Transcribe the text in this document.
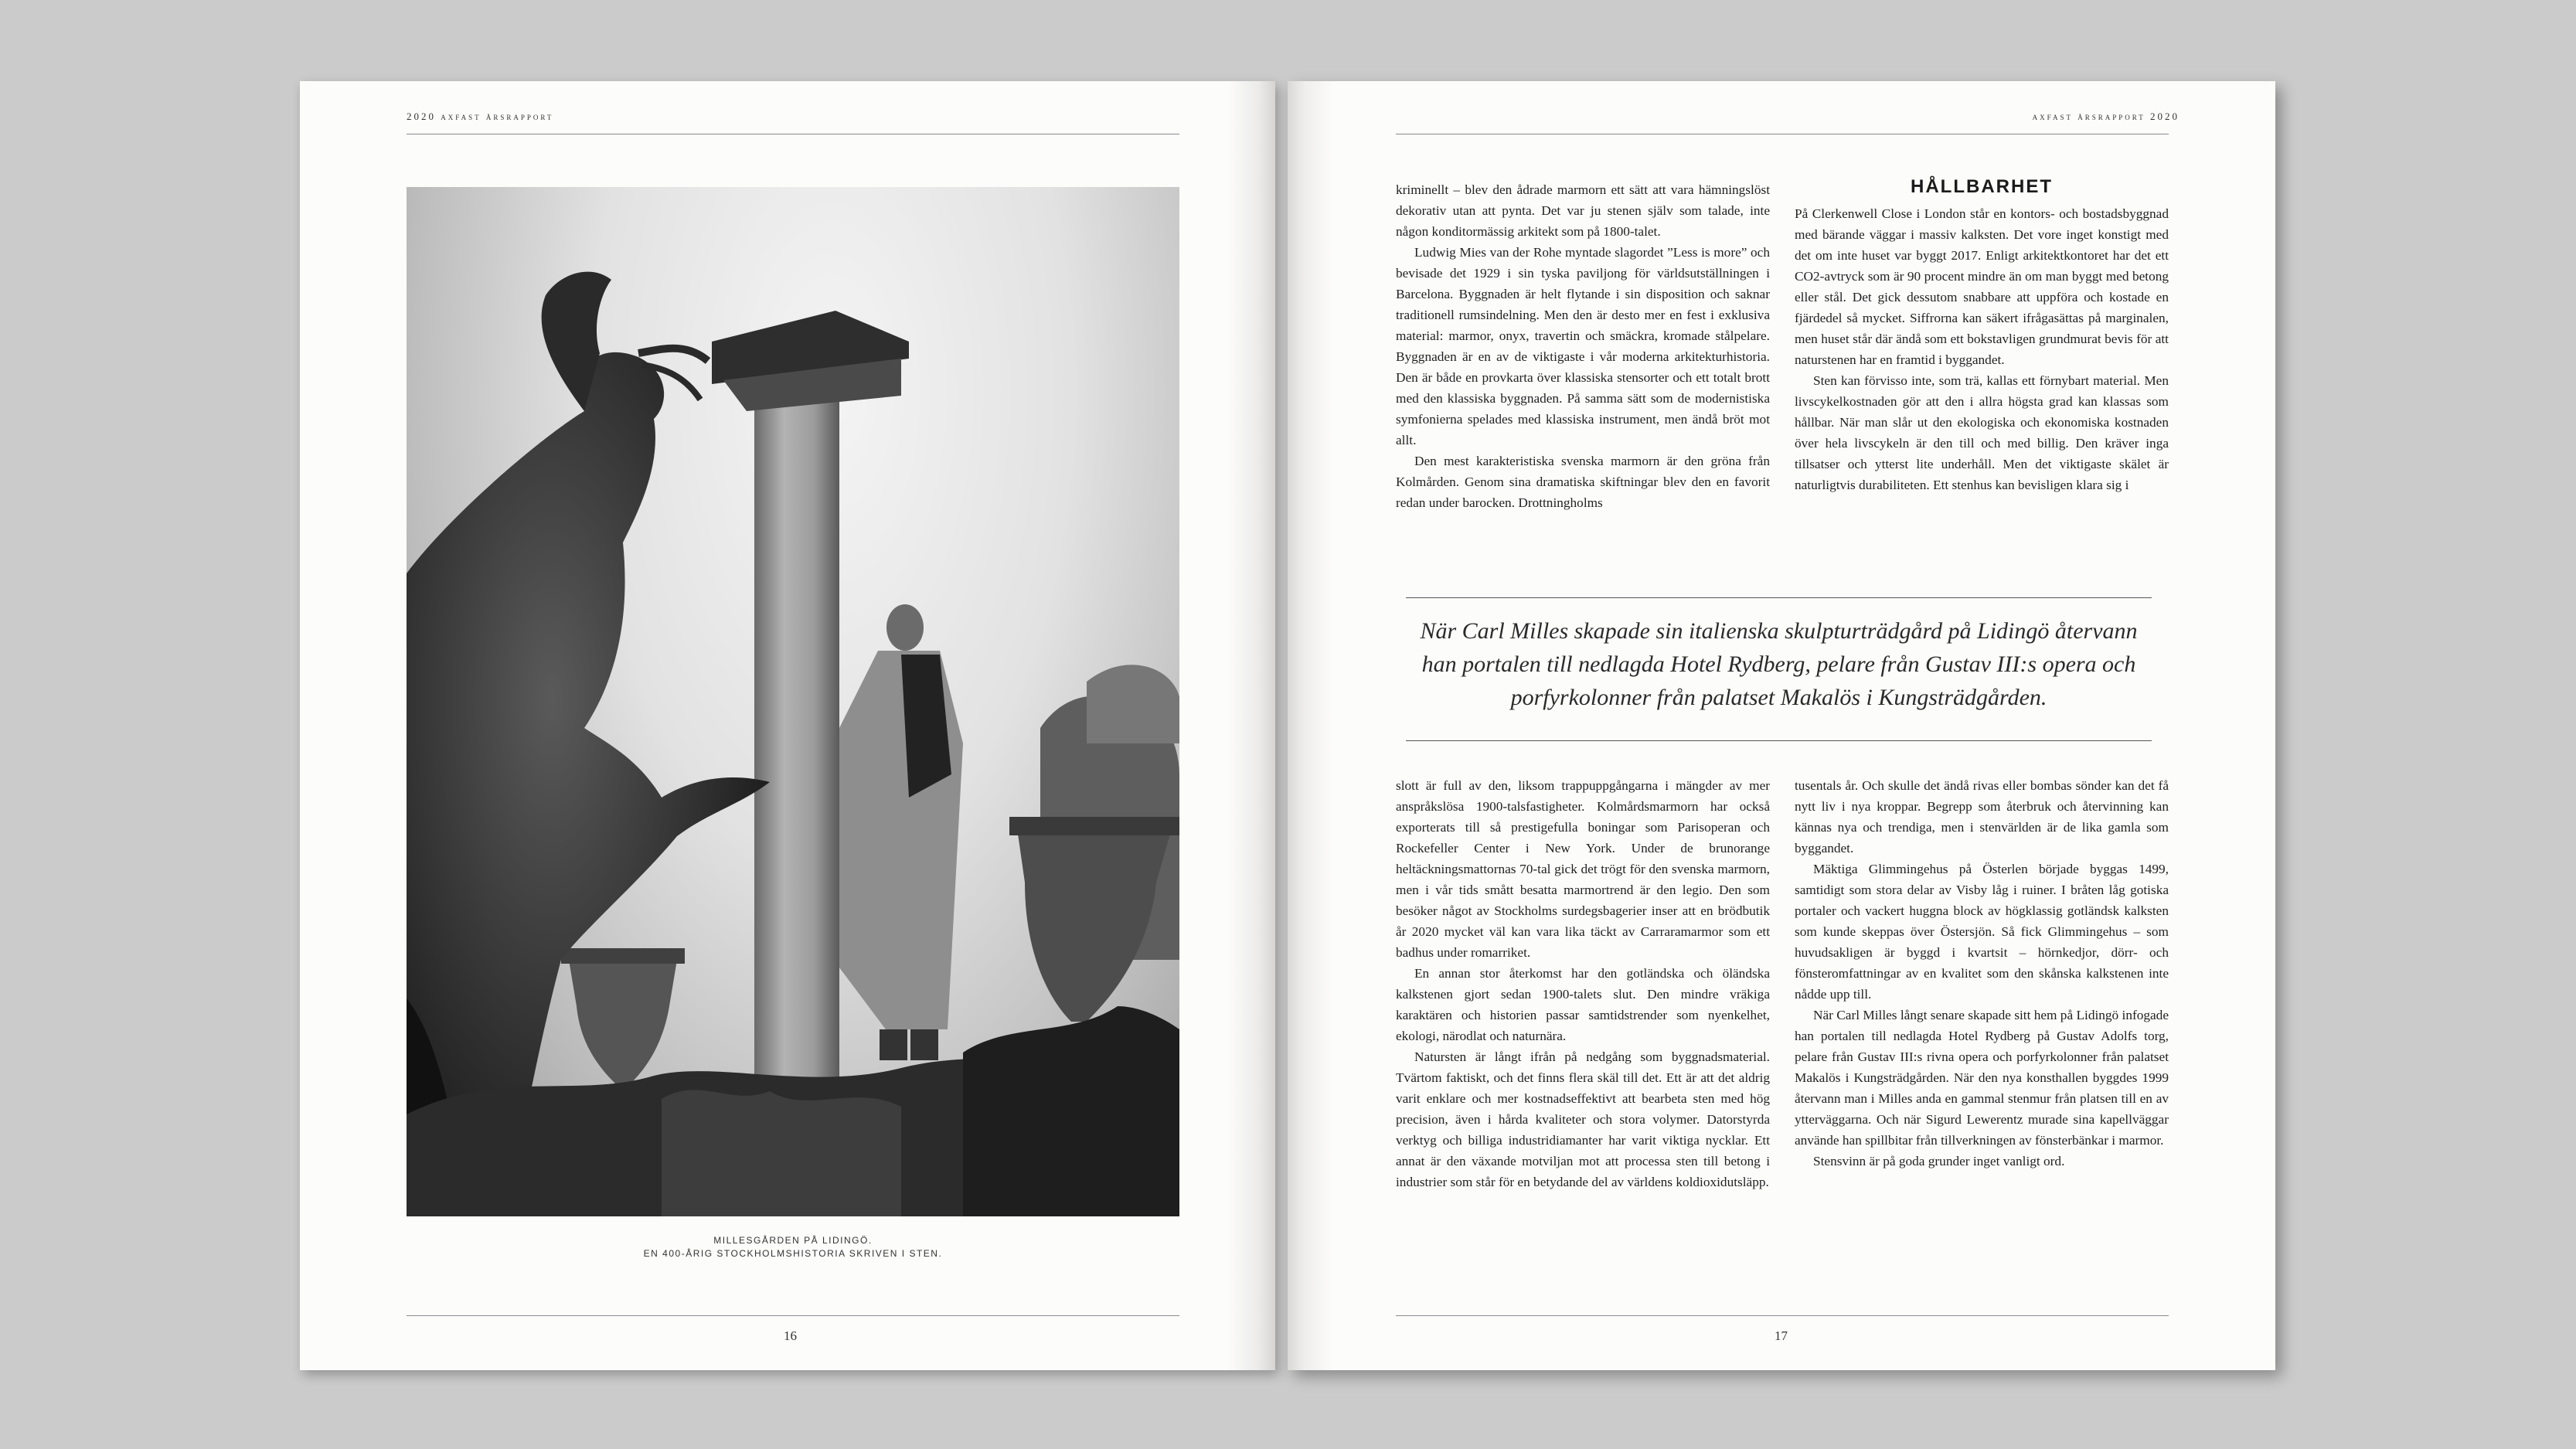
2020 axfast årsrapport
MILLESGÅRDEN PÅ LIDINGÖ.
EN 400-ÅRIG STOCKHOLMSHISTORIA SKRIVEN I STEN.
16
axfast årsrapport 2020

kriminellt – blev den ådrade marmorn ett sätt att vara hämningslöst dekorativ utan att pynta. Det var ju stenen själv som talade, inte någon konditormässig arkitekt som på 1800-talet.

Ludwig Mies van der Rohe myntade slagordet ”Less is more” och bevisade det 1929 i sin tyska paviljong för världsutställningen i Barcelona. Byggnaden är helt flytande i sin disposition och saknar traditionell rumsindelning. Men den är desto mer en fest i exklusiva material: marmor, onyx, travertin och smäckra, kromade stålpelare. Byggnaden är en av de viktigaste i vår moderna arkitekturhistoria. Den är både en provkarta över klassiska stensorter och ett totalt brott med den klassiska byggnaden. På samma sätt som de modernistiska symfonierna spelades med klassiska instrument, men ändå bröt mot allt.

Den mest karakteristiska svenska marmorn är den gröna från Kolmården. Genom sina dramatiska skiftningar blev den en favorit redan under barocken. Drottningholms

HÅLLBARHET

På Clerkenwell Close i London står en kontors- och bostadsbyggnad med bärande väggar i massiv kalksten. Det vore inget konstigt med det om inte huset var byggt 2017. Enligt arkitektkontoret har det ett CO2-avtryck som är 90 procent mindre än om man byggt med betong eller stål. Det gick dessutom snabbare att uppföra och kostade en fjärdedel så mycket. Siffrorna kan säkert ifrågasättas på marginalen, men huset står där ändå som ett bokstavligen grundmurat bevis för att naturstenen har en framtid i byggandet.

Sten kan förvisso inte, som trä, kallas ett förnybart material. Men livscykelkostnaden gör att den i allra högsta grad kan klassas som hållbar. När man slår ut den ekologiska och ekonomiska kostnaden över hela livscykeln är den till och med billig. Den kräver inga tillsatser och ytterst lite underhåll. Men det viktigaste skälet är naturligtvis durabiliteten. Ett stenhus kan bevisligen klara sig i

När Carl Milles skapade sin italienska skulpturträdgård på Lidingö återvann han portalen till nedlagda Hotel Rydberg, pelare från Gustav III:s opera och porfyrkolonner från palatset Makalös i Kungsträdgården.

slott är full av den, liksom trappuppgångarna i mängder av mer anspråkslösa 1900-talsfastigheter. Kolmårdsmarmorn har också exporterats till så prestigefulla boningar som Parisoperan och Rockefeller Center i New York. Under de brunorange heltäckningsmattornas 70-tal gick det trögt för den svenska marmorn, men i vår tids smått besatta marmortrend är den legio. Den som besöker något av Stockholms surdegsbagerier inser att en brödbutik år 2020 mycket väl kan vara lika täckt av Carraramarmor som ett badhus under romarriket.

En annan stor återkomst har den gotländska och öländska kalkstenen gjort sedan 1900-talets slut. Den mindre vräkiga karaktären och historien passar samtidstrender som nyenkelhet, ekologi, närodlat och naturnära.

Natursten är långt ifrån på nedgång som byggnadsmaterial. Tvärtom faktiskt, och det finns flera skäl till det. Ett är att det aldrig varit enklare och mer kostnadseffektivt att bearbeta sten med hög precision, även i hårda kvaliteter och stora volymer. Datorstyrda verktyg och billiga industridiamanter har varit viktiga nycklar. Ett annat är den växande motviljan mot att processa sten till betong i industrier som står för en betydande del av världens koldioxidutsläpp.

tusentals år. Och skulle det ändå rivas eller bombas sönder kan det få nytt liv i nya kroppar. Begrepp som återbruk och återvinning kan kännas nya och trendiga, men i stenvärlden är de lika gamla som byggandet.

Mäktiga Glimmingehus på Österlen började byggas 1499, samtidigt som stora delar av Visby låg i ruiner. I bråten låg gotiska portaler och vackert huggna block av högklassig gotländsk kalksten som kunde skeppas över Östersjön. Så fick Glimmingehus – som huvudsakligen är byggd i kvartsit – hörnkedjor, dörr- och fönsteromfattningar av en kvalitet som den skånska kalkstenen inte nådde upp till.

När Carl Milles långt senare skapade sitt hem på Lidingö infogade han portalen till nedlagda Hotel Rydberg på Gustav Adolfs torg, pelare från Gustav III:s rivna opera och porfyrkolonner från palatset Makalös i Kungsträdgården. När den nya konsthallen byggdes 1999 återvann man i Milles anda en gammal stenmur från platsen till en av ytterväggarna. Och när Sigurd Lewerentz murade sina kapellväggar använde han spillbitar från tillverkningen av fönsterbänkar i marmor.

Stensvinn är på goda grunder inget vanligt ord.

17
